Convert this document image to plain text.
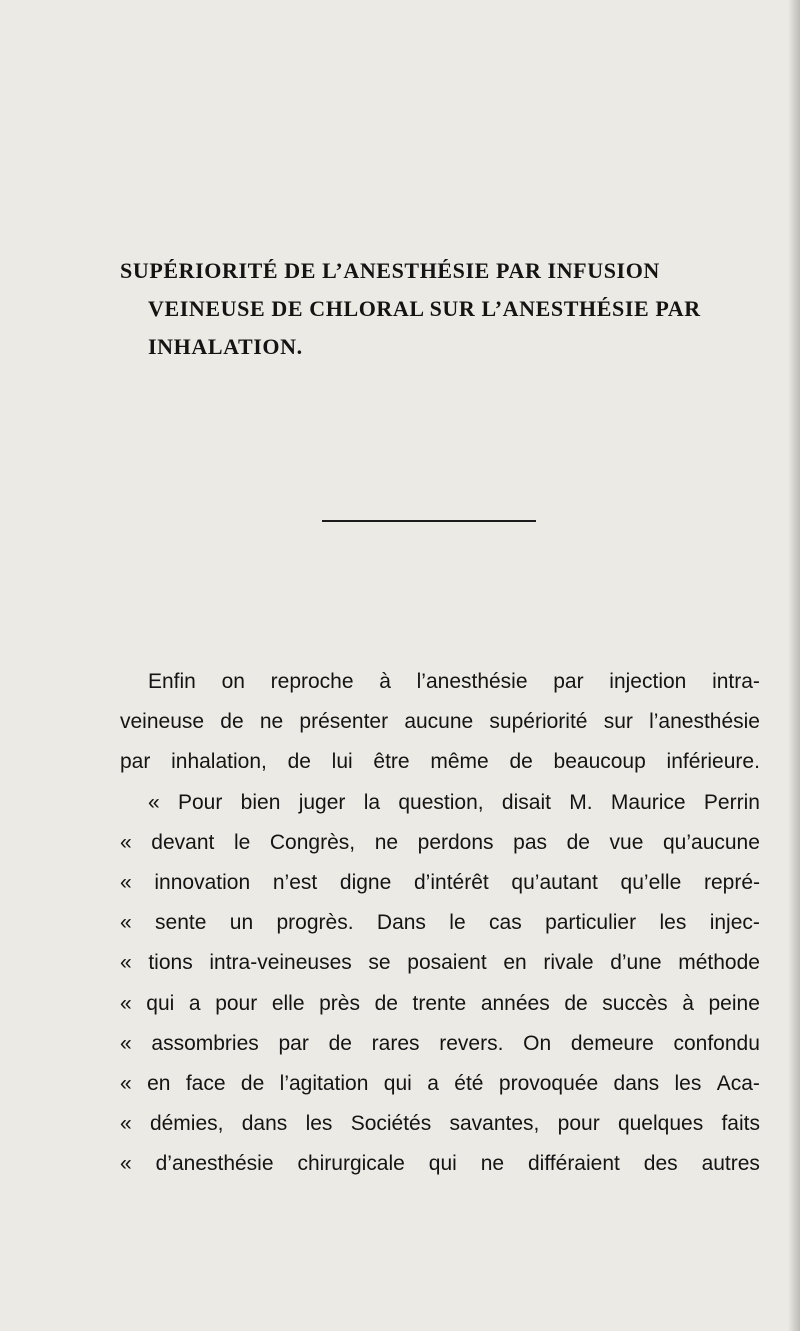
SUPÉRIORITÉ DE L’ANESTHÉSIE PAR INFUSION
VEINEUSE DE CHLORAL SUR L’ANESTHÉSIE PAR
INHALATION.
Enfin on reproche à l’anesthésie par injection intra-
veineuse de ne présenter aucune supériorité sur l’anesthésie
par inhalation, de lui être même de beaucoup inférieure.
« Pour bien juger la question, disait M. Maurice Perrin
« devant le Congrès, ne perdons pas de vue qu’aucune
« innovation n’est digne d’intérêt qu’autant qu’elle repré-
« sente un progrès. Dans le cas particulier les injec-
« tions intra-veineuses se posaient en rivale d’une méthode
« qui a pour elle près de trente années de succès à peine
« assombries par de rares revers. On demeure confondu
« en face de l’agitation qui a été provoquée dans les Aca-
« démies, dans les Sociétés savantes, pour quelques faits
« d’anesthésie chirurgicale qui ne différaient des autres
